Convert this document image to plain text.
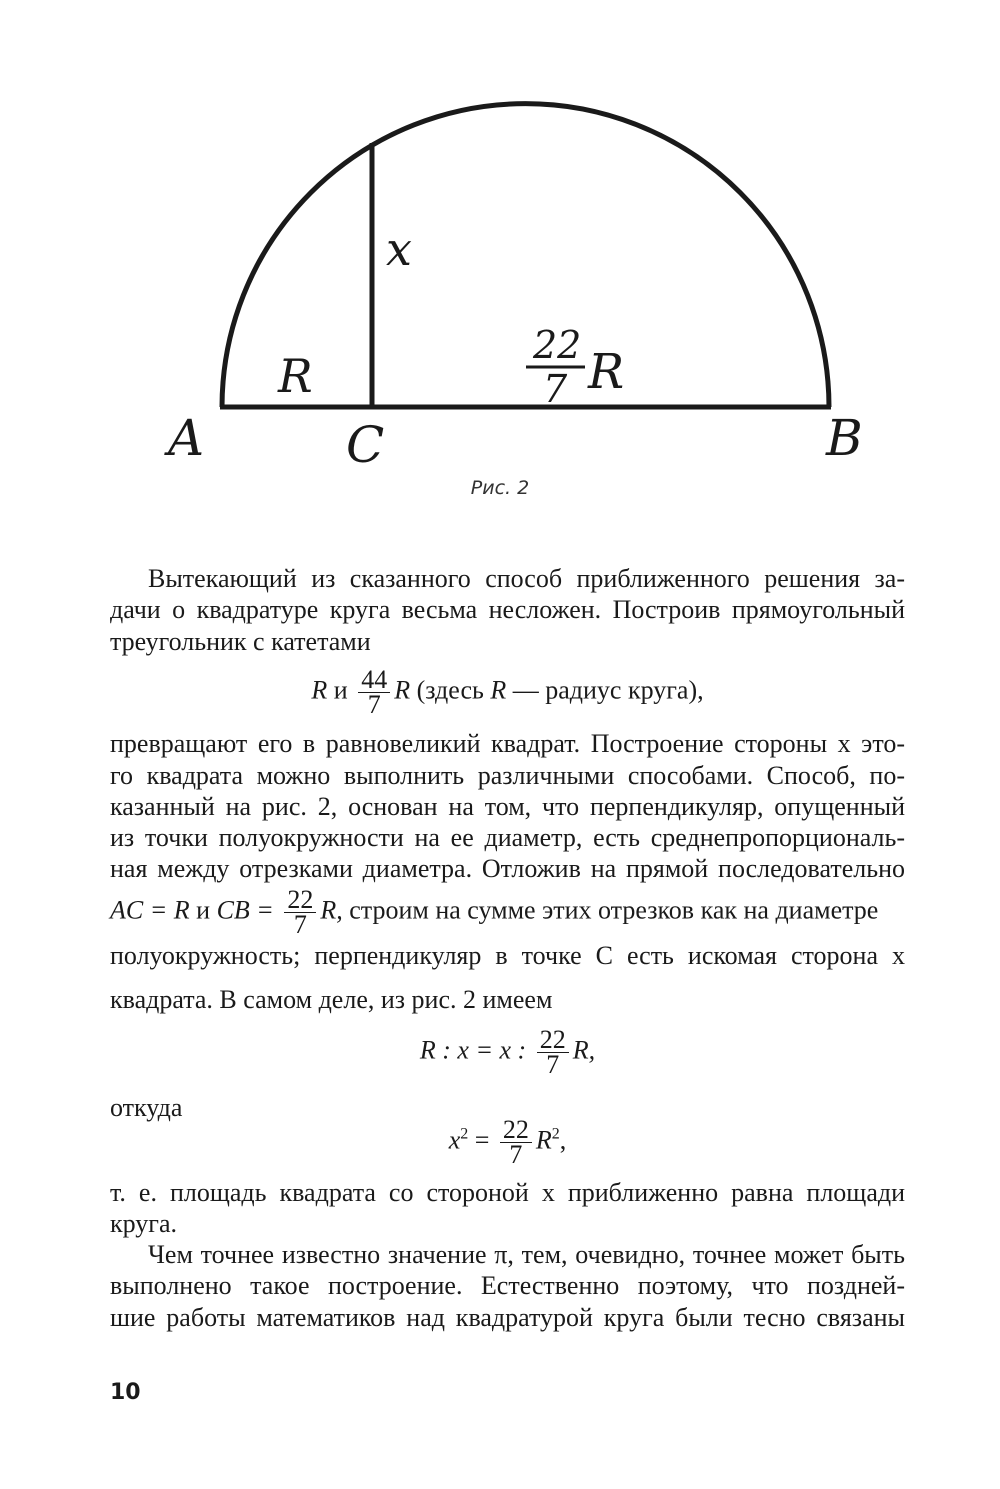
x
R
22
7 R
A	C	B
Рис. 2
Вытекающий из сказанного способ приближенного решения за-
дачи о квадратуре круга весьма несложен. Построив прямоугольный
треугольник с катетами
R и $\frac{44}{7}$ R (здесь R — радиус круга),
превращают его в равновеликий квадрат. Построение стороны x это-
го квадрата можно выполнить различными способами. Способ, по-
казанный на рис. 2, основан на том, что перпендикуляр, опущенный
из точки полуокружности на ее диаметр, есть среднепропорциональ-
ная между отрезками диаметра. Отложив на прямой последовательно
AC = R и CB = $\frac{22}{7} R$, строим на сумме этих отрезков как на диаметре
полуокружность; перпендикуляр в точке C есть искомая сторона x
квадрата. В самом деле, из рис. 2 имеем
R : x = x : $\frac{22}{7} R$,
откуда
$x^2 = \frac{22}{7} R^2$,
т. е. площадь квадрата со стороной x приближенно равна площади
круга.
Чем точнее известно значение π, тем, очевидно, точнее может быть
выполнено такое построение. Естественно поэтому, что поздней-
шие работы математиков над квадратурой круга были тесно связаны
10
